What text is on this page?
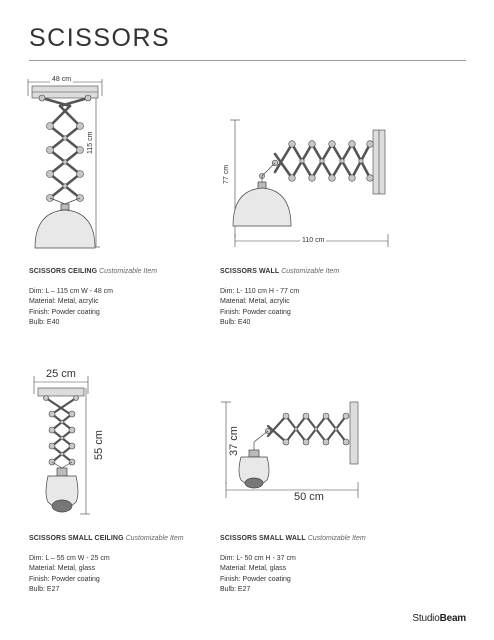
SCISSORS
48 cm
115 cm
77 cm
110 cm
SCISSORS CEILING Customizable Item
Dim: L – 115 cm W - 48 cm
Material: Metal, acrylic
Finish: Powder coating
Bulb: E40
SCISSORS WALL Customizable Item
Dim: L- 110 cm H - 77 cm
Material: Metal, acrylic
Finish: Powder coating
Bulb: E40
25 cm
55 cm	37 cm
50 cm
SCISSORS SMALL CEILING Customizable Item
Dim: L – 55 cm W - 25 cm
Material: Metal, glass
Finish: Powder coating
Bulb: E27
SCISSORS SMALL WALL Customizable Item
Dim: L- 50 cm H - 37 cm
Material: Metal, glass
Finish: Powder coating
Bulb: E27
StudioBeam
